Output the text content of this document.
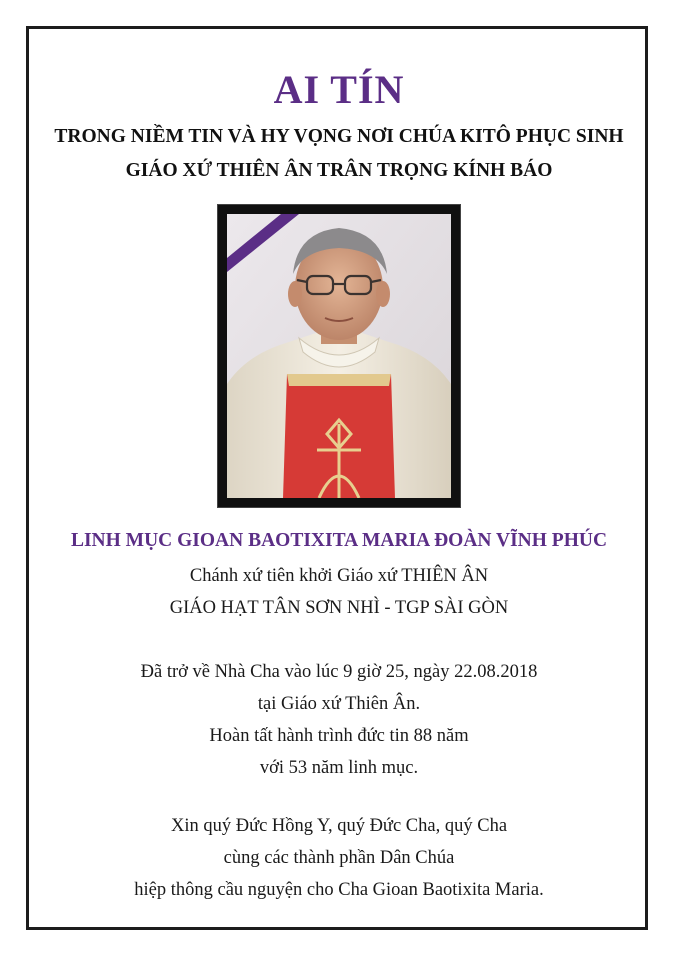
AI TÍN
TRONG NIỀM TIN VÀ HY VỌNG NƠI CHÚA KITÔ PHỤC SINH
GIÁO XỨ THIÊN ÂN TRÂN TRỌNG KÍNH BÁO
LINH MỤC GIOAN BAOTIXITA MARIA ĐOÀN VĨNH PHÚC
Chánh xứ tiên khởi Giáo xứ THIÊN ÂN
GIÁO HẠT TÂN SƠN NHÌ - TGP SÀI GÒN
Đã trở về Nhà Cha vào lúc 9 giờ 25, ngày 22.08.2018
tại Giáo xứ Thiên Ân.
Hoàn tất hành trình đức tin 88 năm
với 53 năm linh mục.
Xin quý Đức Hồng Y, quý Đức Cha, quý Cha
cùng các thành phần Dân Chúa
hiệp thông cầu nguyện cho Cha Gioan Baotixita Maria.
